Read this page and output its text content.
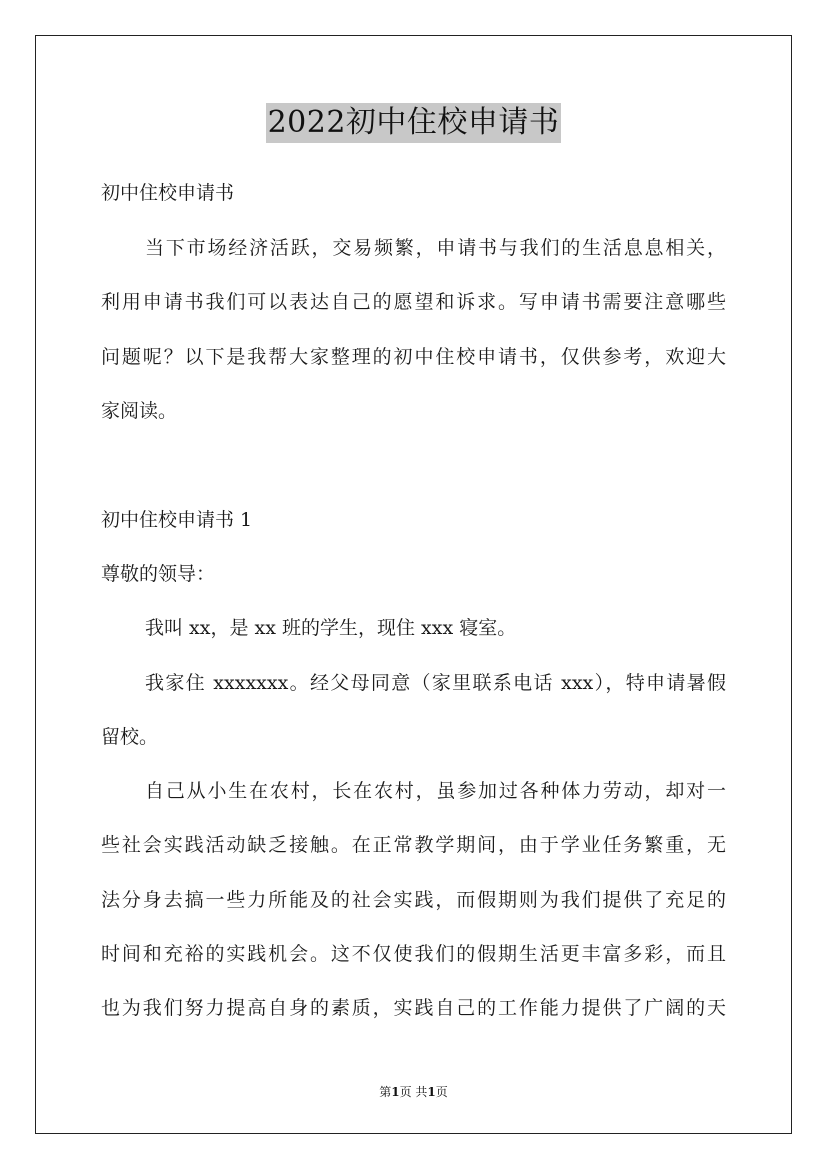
2022初中住校申请书
初中住校申请书
当下市场经济活跃，交易频繁，申请书与我们的生活息息相关，
利用申请书我们可以表达自己的愿望和诉求。写申请书需要注意哪些
问题呢？以下是我帮大家整理的初中住校申请书，仅供参考，欢迎大
家阅读。
初中住校申请书 1
尊敬的领导：
我叫 xx，是 xx 班的学生，现住 xxx 寝室。
我家住 xxxxxxx。经父母同意（家里联系电话 xxx），特申请暑假
留校。
自己从小生在农村，长在农村，虽参加过各种体力劳动，却对一
些社会实践活动缺乏接触。在正常教学期间，由于学业任务繁重，无
法分身去搞一些力所能及的社会实践，而假期则为我们提供了充足的
时间和充裕的实践机会。这不仅使我们的假期生活更丰富多彩，而且
也为我们努力提高自身的素质，实践自己的工作能力提供了广阔的天
第1页 共1页
